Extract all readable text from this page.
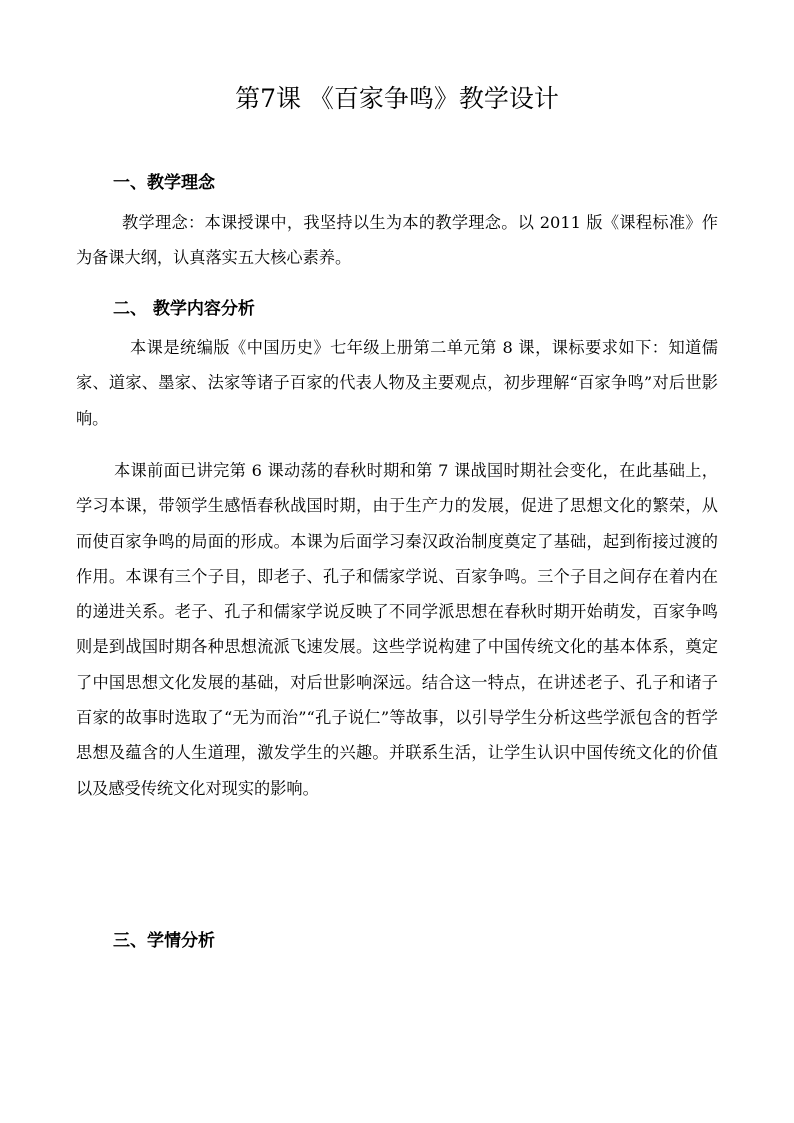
第7课 《百家争鸣》教学设计
一、教学理念

教学理念：本课授课中，我坚持以生为本的教学理念。以 2011 版《课程标准》作为备课大纲，认真落实五大核心素养。

二、 教学内容分析

本课是统编版《中国历史》七年级上册第二单元第 8 课，课标要求如下：知道儒家、道家、墨家、法家等诸子百家的代表人物及主要观点，初步理解“百家争鸣”对后世影响。

本课前面已讲完第 6 课动荡的春秋时期和第 7 课战国时期社会变化，在此基础上，学习本课，带领学生感悟春秋战国时期，由于生产力的发展，促进了思想文化的繁荣，从而使百家争鸣的局面的形成。本课为后面学习秦汉政治制度奠定了基础，起到衔接过渡的作用。本课有三个子目，即老子、孔子和儒家学说、百家争鸣。三个子目之间存在着内在的递进关系。老子、孔子和儒家学说反映了不同学派思想在春秋时期开始萌发，百家争鸣则是到战国时期各种思想流派飞速发展。这些学说构建了中国传统文化的基本体系，奠定了中国思想文化发展的基础，对后世影响深远。结合这一特点，在讲述老子、孔子和诸子百家的故事时选取了“无为而治”“孔子说仁”等故事，以引导学生分析这些学派包含的哲学思想及蕴含的人生道理，激发学生的兴趣。并联系生活，让学生认识中国传统文化的价值以及感受传统文化对现实的影响。

三、学情分析
